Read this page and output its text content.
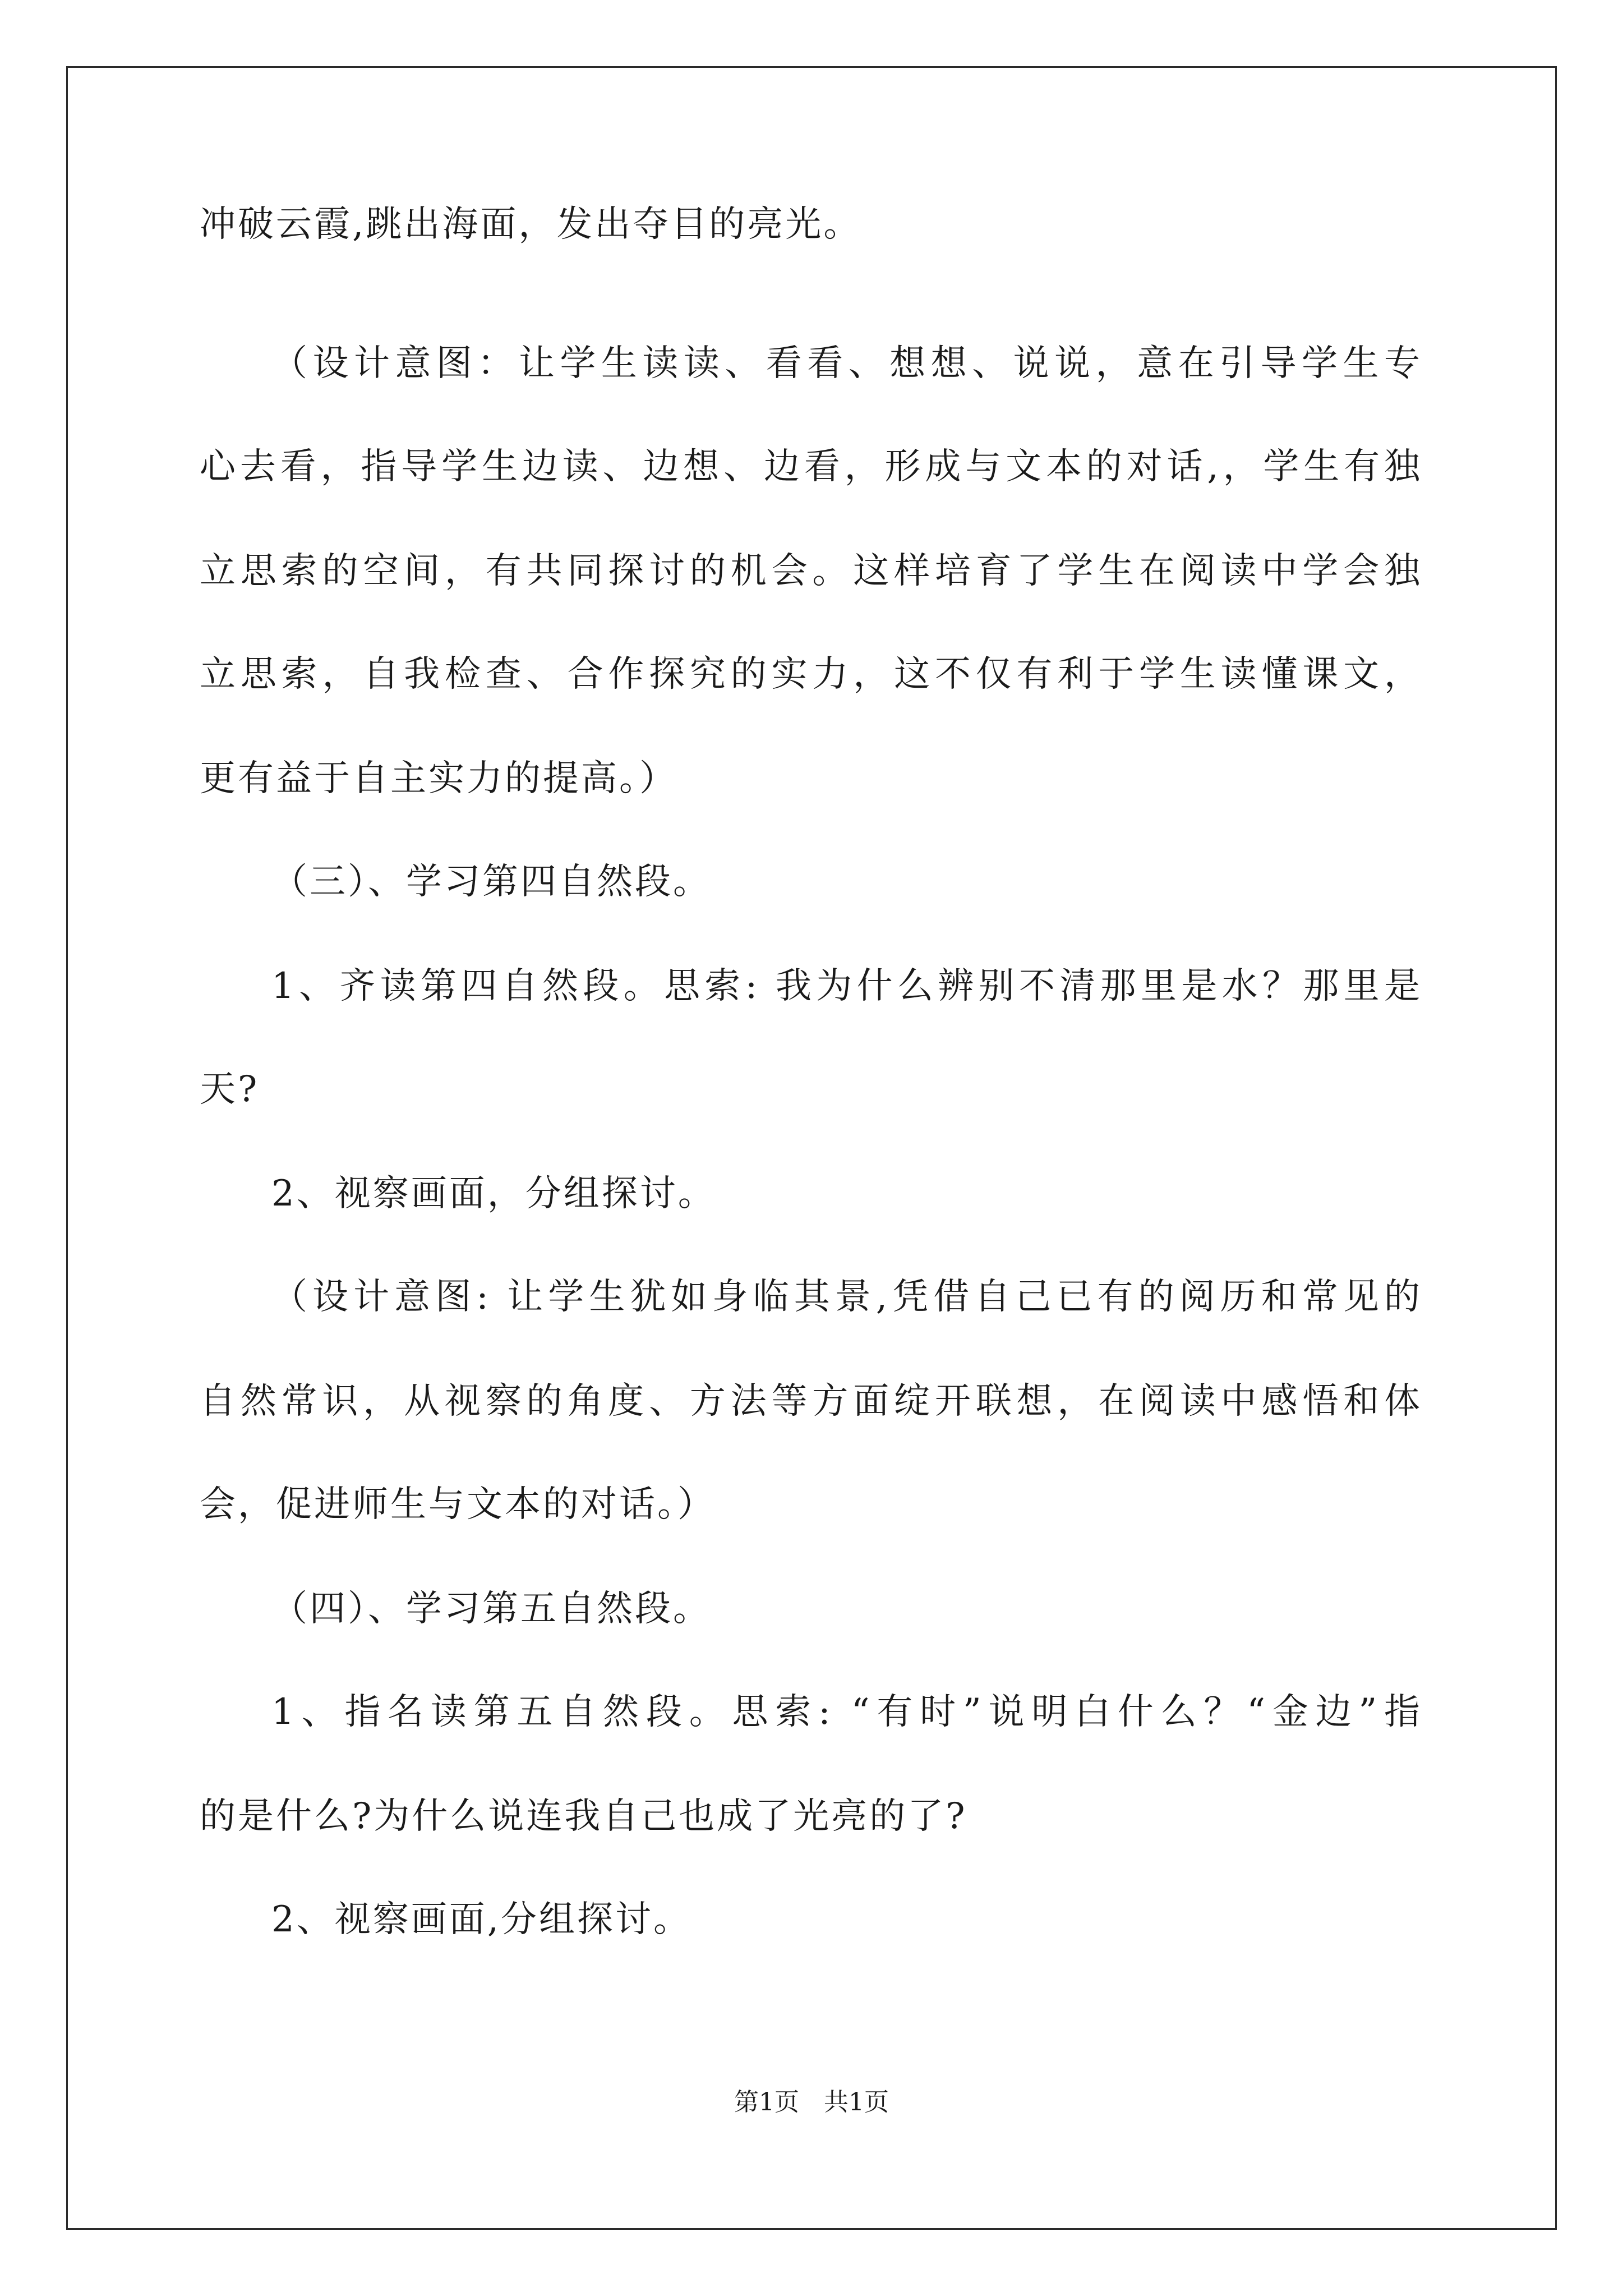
冲破云霞,跳出海面，发出夺目的亮光。
（设计意图：让学生读读、看看、想想、说说，意在引导学生专
心去看，指导学生边读、边想、边看，形成与文本的对话,，学生有独
立思索的空间，有共同探讨的机会。这样培育了学生在阅读中学会独
立思索，自我检查、合作探究的实力，这不仅有利于学生读懂课文，
更有益于自主实力的提高。）
（三）、学习第四自然段。
1、齐读第四自然段。思索: 我为什么辨别不清那里是水？那里是
天?
2、视察画面，分组探讨。
（设计意图: 让学生犹如身临其景,凭借自己已有的阅历和常见的
自然常识，从视察的角度、方法等方面绽开联想，在阅读中感悟和体
会，促进师生与文本的对话。）
（四）、学习第五自然段。
1、指名读第五自然段。思索: “有时”说明白什么？“金边”指
的是什么?为什么说连我自己也成了光亮的了?
2、视察画面,分组探讨。
第1页 共1页
